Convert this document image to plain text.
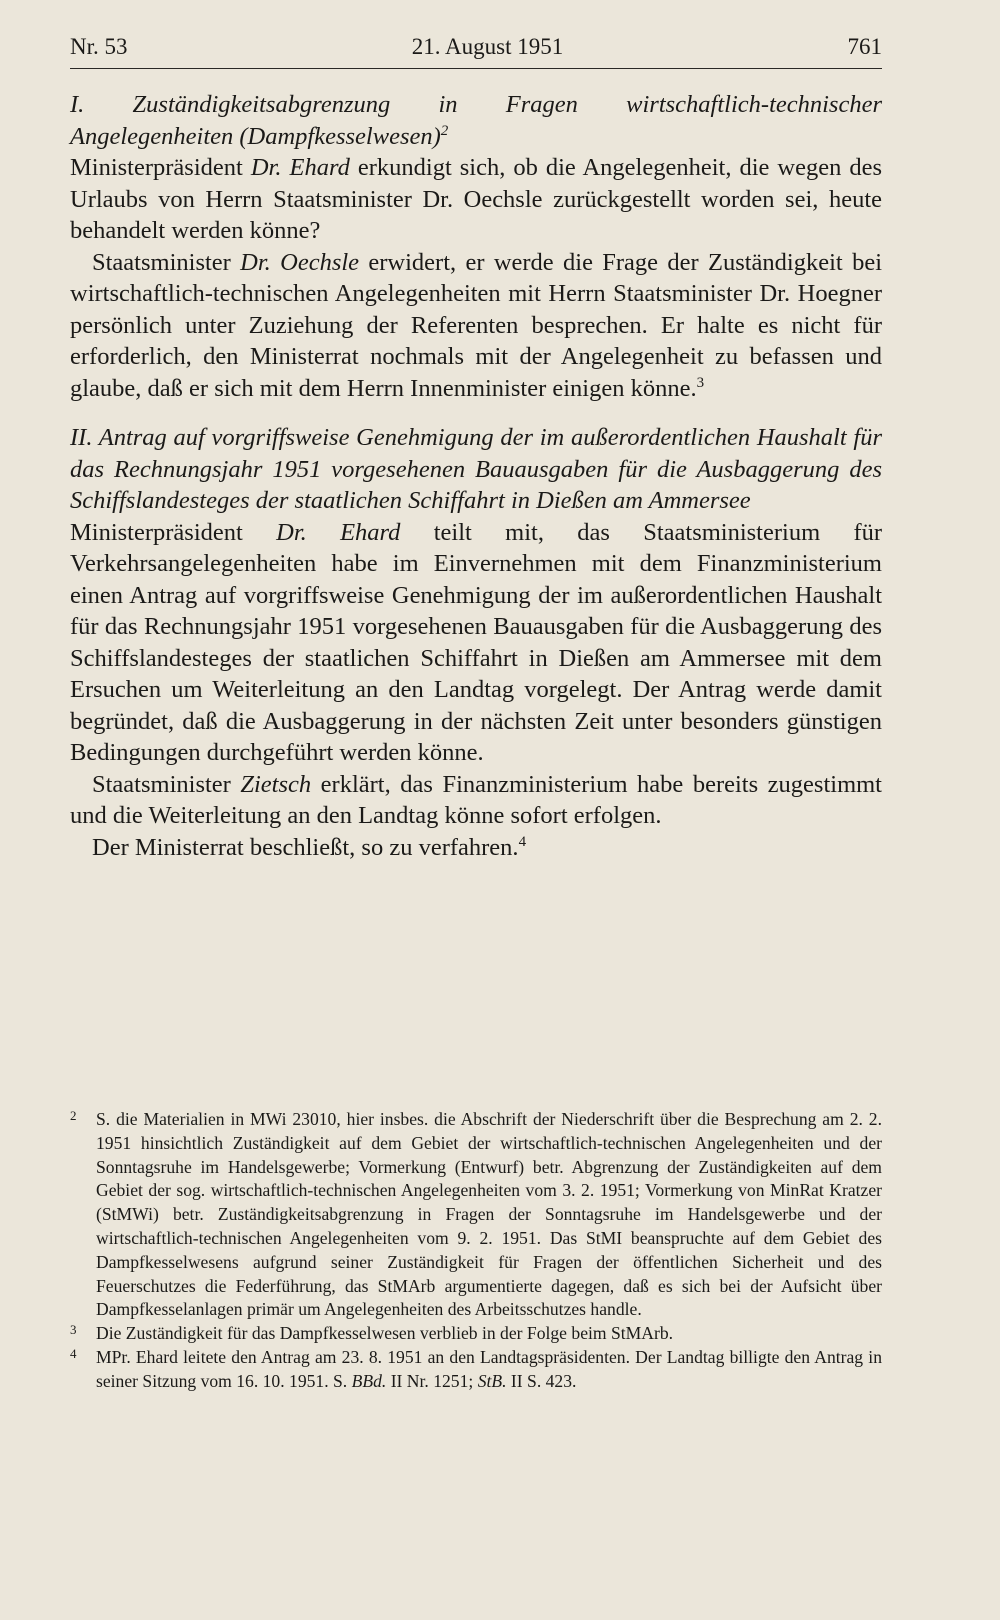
Nr. 53	21. August 1951	761

I. Zuständigkeitsabgrenzung in Fragen wirtschaftlich-technischer Angelegenheiten (Dampfkesselwesen)$^2$

Ministerpräsident Dr. Ehard erkundigt sich, ob die Angelegenheit, die wegen des Urlaubs von Herrn Staatsminister Dr. Oechsle zurückgestellt worden sei, heute behandelt werden könne?

Staatsminister Dr. Oechsle erwidert, er werde die Frage der Zuständigkeit bei wirtschaftlich-technischen Angelegenheiten mit Herrn Staatsminister Dr. Hoegner persönlich unter Zuziehung der Referenten besprechen. Er halte es nicht für erforderlich, den Ministerrat nochmals mit der Angelegenheit zu befassen und glaube, daß er sich mit dem Herrn Innenminister einigen könne.$^3$

II. Antrag auf vorgriffsweise Genehmigung der im außerordentlichen Haushalt für das Rechnungsjahr 1951 vorgesehenen Bauausgaben für die Ausbaggerung des Schiffslandesteges der staatlichen Schiffahrt in Dießen am Ammersee

Ministerpräsident Dr. Ehard teilt mit, das Staatsministerium für Verkehrsangelegenheiten habe im Einvernehmen mit dem Finanzministerium einen Antrag auf vorgriffsweise Genehmigung der im außerordentlichen Haushalt für das Rechnungsjahr 1951 vorgesehenen Bauausgaben für die Ausbaggerung des Schiffslandesteges der staatlichen Schiffahrt in Dießen am Ammersee mit dem Ersuchen um Weiterleitung an den Landtag vorgelegt. Der Antrag werde damit begründet, daß die Ausbaggerung in der nächsten Zeit unter besonders günstigen Bedingungen durchgeführt werden könne.

Staatsminister Zietsch erklärt, das Finanzministerium habe bereits zugestimmt und die Weiterleitung an den Landtag könne sofort erfolgen.

Der Ministerrat beschließt, so zu verfahren.$^4$

2 S. die Materialien in MWi 23010, hier insbes. die Abschrift der Niederschrift über die Besprechung am 2. 2. 1951 hinsichtlich Zuständigkeit auf dem Gebiet der wirtschaftlich-technischen Angelegenheiten und der Sonntagsruhe im Handelsgewerbe; Vormerkung (Entwurf) betr. Abgrenzung der Zuständigkeiten auf dem Gebiet der sog. wirtschaftlich-technischen Angelegenheiten vom 3. 2. 1951; Vormerkung von MinRat Kratzer (StMWi) betr. Zuständigkeitsabgrenzung in Fragen der Sonntagsruhe im Handelsgewerbe und der wirtschaftlich-technischen Angelegenheiten vom 9. 2. 1951. Das StMI beanspruchte auf dem Gebiet des Dampfkesselwesens aufgrund seiner Zuständigkeit für Fragen der öffentlichen Sicherheit und des Feuerschutzes die Federführung, das StMArb argumentierte dagegen, daß es sich bei der Aufsicht über Dampfkesselanlagen primär um Angelegenheiten des Arbeitsschutzes handle.

3 Die Zuständigkeit für das Dampfkesselwesen verblieb in der Folge beim StMArb.

4 MPr. Ehard leitete den Antrag am 23. 8. 1951 an den Landtagspräsidenten. Der Landtag billigte den Antrag in seiner Sitzung vom 16. 10. 1951. S. BBd. II Nr. 1251; StB. II S. 423.
